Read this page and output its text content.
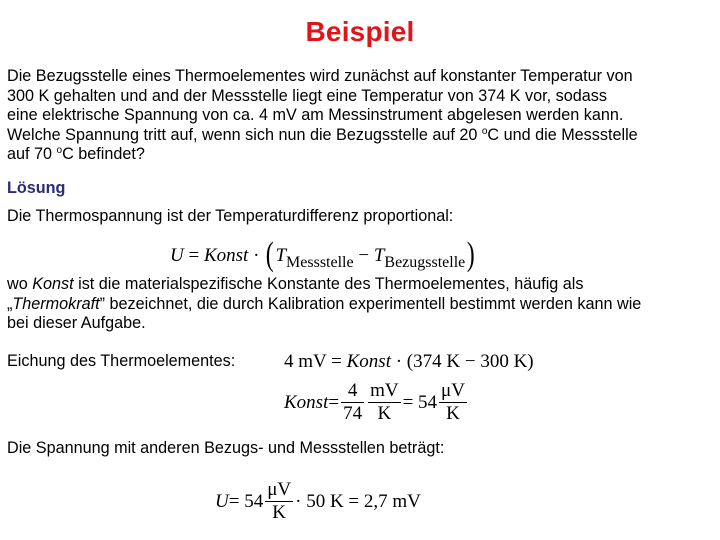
Beispiel
Die Bezugsstelle eines Thermoelementes wird zunächst auf konstanter Temperatur von
300 K gehalten und and der Messstelle liegt eine Temperatur von 374 K vor, sodass
eine elektrische Spannung von ca. 4 mV am Messinstrument abgelesen werden kann.
Welche Spannung tritt auf, wenn sich nun die Bezugsstelle auf 20 $^o$C und die Messstelle
auf 70 $^o$C befindet?
Lösung
Die Thermospannung ist der Temperaturdifferenz proportional:
U = Konst · $(T_{Messstelle} - T_{Bezugsstelle})$
wo Konst ist die materialspezifische Konstante des Thermoelementes, häufig als
„Thermokraft” bezeichnet, die durch Kalibration experimentell bestimmt werden kann wie
bei dieser Aufgabe.
Eichung des Thermoelementes:	4 mV = Konst · (374 K − 300 K)
Konst = $\frac{4}{74} \frac{mV}{K} = 54 \frac{\mu V}{K}$
Die Spannung mit anderen Bezugs- und Messstellen beträgt:
$U = 54 \frac{\mu V}{K} \cdot 50$ K = 2,7 mV
